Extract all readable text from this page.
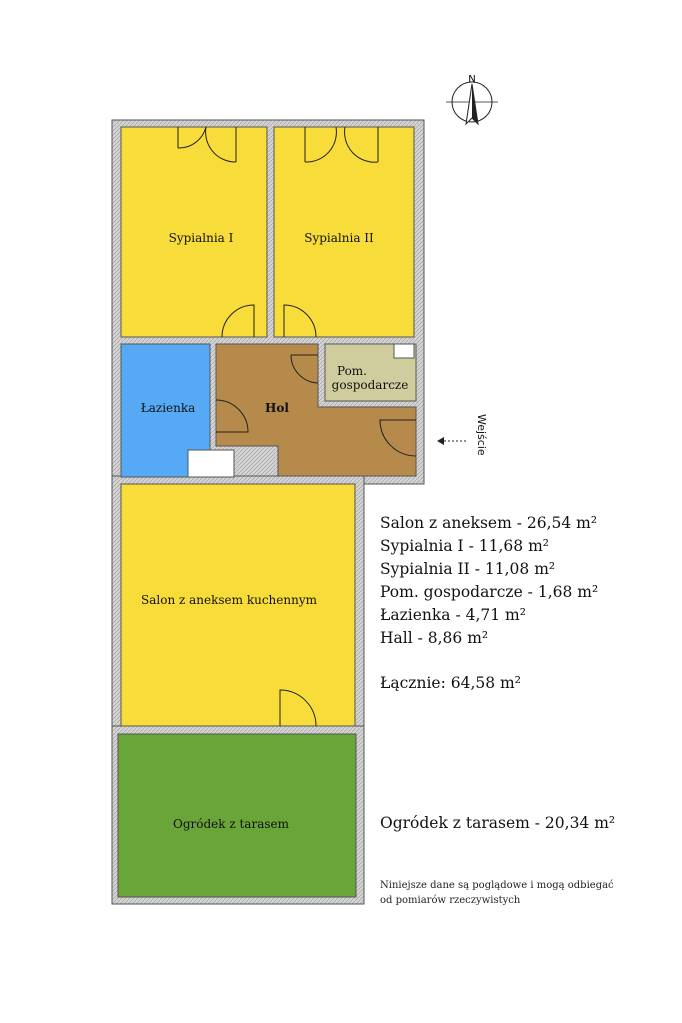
N
Sypialnia I	Sypialnia II
Łazienka	Hol
Pom.
gospodarcze
Salon z aneksem kuchennym
Ogródek z tarasem
Wejście
Salon z aneksem - 26,54 m²
Sypialnia I - 11,68 m²
Sypialnia II - 11,08 m²
Pom. gospodarcze - 1,68 m²
Łazienka - 4,71 m²
Hall - 8,86 m²
Łącznie: 64,58 m²
Ogródek z tarasem - 20,34 m²
Niniejsze dane są poglądowe i mogą odbiegać od pomiarów rzeczywistych
